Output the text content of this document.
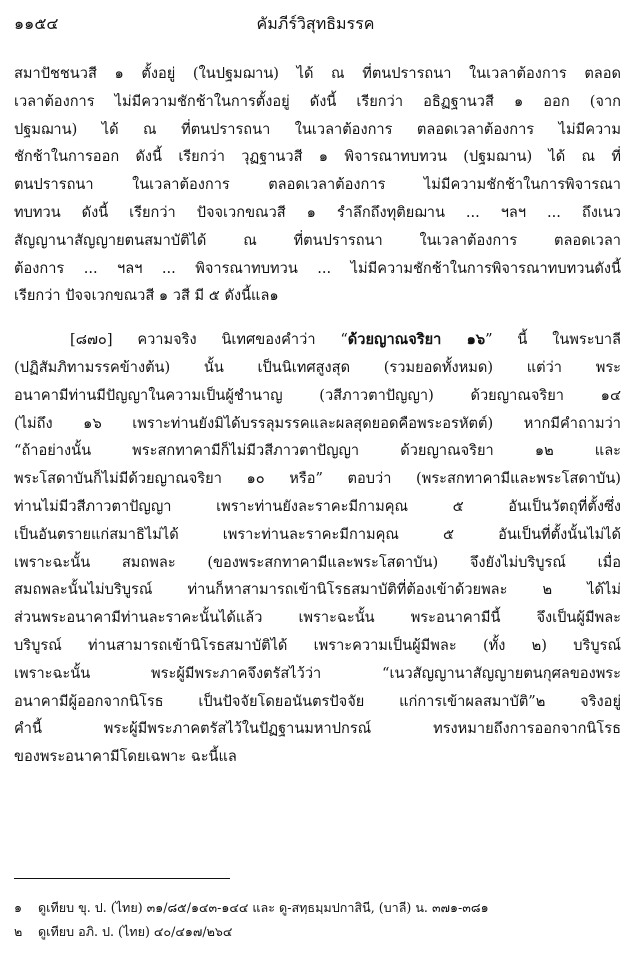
๑๑๕๔	คัมภีร์วิสุทธิมรรค
สมาปัชชนวสี ๑ ตั้งอยู่ (ในปฐมฌาน) ได้ ณ ที่ตนปรารถนา ในเวลาต้องการ ตลอด
เวลาต้องการ ไม่มีความชักช้าในการตั้งอยู่ ดังนี้ เรียกว่า อธิฏฐานวสี ๑ ออก (จาก
ปฐมฌาน) ได้ ณ ที่ตนปรารถนา ในเวลาต้องการ ตลอดเวลาต้องการ ไม่มีความ
ชักช้าในการออก ดังนี้ เรียกว่า วุฏฐานวสี ๑ พิจารณาทบทวน (ปฐมฌาน) ได้ ณ ที่
ตนปรารถนา ในเวลาต้องการ ตลอดเวลาต้องการ ไม่มีความชักช้าในการพิจารณา
ทบทวน ดังนี้ เรียกว่า ปัจจเวกขณวสี ๑ รำลึกถึงทุติยฌาน ... ฯลฯ ... ถึงเนว
สัญญานาสัญญายตนสมาบัติได้ ณ ที่ตนปรารถนา ในเวลาต้องการ ตลอดเวลา
ต้องการ ... ฯลฯ ... พิจารณาทบทวน ... ไม่มีความชักช้าในการพิจารณาทบทวนดังนี้
เรียกว่า ปัจจเวกขณวสี ๑ วสี มี ๕ ดังนี้แล๑
[๘๗๐] ความจริง นิเทศของคำว่า “ด้วยญาณจริยา ๑๖” นี้ ในพระบาลี
(ปฏิสัมภิทามรรคข้างต้น) นั้น เป็นนิเทศสูงสุด (รวมยอดทั้งหมด) แต่ว่า พระ
อนาคามีท่านมีปัญญาในความเป็นผู้ชำนาญ (วสีภาวตาปัญญา) ด้วยญาณจริยา ๑๔
(ไม่ถึง ๑๖ เพราะท่านยังมิได้บรรลุมรรคและผลสุดยอดคือพระอรหัตต์) หากมีคำถามว่า
“ถ้าอย่างนั้น พระสกทาคามีก็ไม่มีวสีภาวตาปัญญา ด้วยญาณจริยา ๑๒ และ
พระโสดาบันก็ไม่มีด้วยญาณจริยา ๑๐ หรือ” ตอบว่า (พระสกทาคามีและพระโสดาบัน)
ท่านไม่มีวสีภาวตาปัญญา เพราะท่านยังละราคะมีกามคุณ ๕ อันเป็นวัตถุที่ตั้งซึ่ง
เป็นอันตรายแก่สมาธิไม่ได้ เพราะท่านละราคะมีกามคุณ ๕ อันเป็นที่ตั้งนั้นไม่ได้
เพราะฉะนั้น สมถพละ (ของพระสกทาคามีและพระโสดาบัน) จึงยังไม่บริบูรณ์ เมื่อ
สมถพละนั้นไม่บริบูรณ์ ท่านก็หาสามารถเข้านิโรธสมาบัติที่ต้องเข้าด้วยพละ ๒ ได้ไม่
ส่วนพระอนาคามีท่านละราคะนั้นได้แล้ว เพราะฉะนั้น พระอนาคามีนี้ จึงเป็นผู้มีพละ
บริบูรณ์ ท่านสามารถเข้านิโรธสมาบัติได้ เพราะความเป็นผู้มีพละ (ทั้ง ๒) บริบูรณ์
เพราะฉะนั้น พระผู้มีพระภาคจึงตรัสไว้ว่า “เนวสัญญานาสัญญายตนกุศลของพระ
อนาคามีผู้ออกจากนิโรธ เป็นปัจจัยโดยอนันตรปัจจัย แก่การเข้าผลสมาบัติ”๒ จริงอยู่
คำนี้ พระผู้มีพระภาคตรัสไว้ในปัฏฐานมหาปกรณ์ ทรงหมายถึงการออกจากนิโรธ
ของพระอนาคามีโดยเฉพาะ ฉะนี้แล
๑ ดูเทียบ ขุ. ป. (ไทย) ๓๑/๘๕/๑๔๓-๑๔๔ และ ดู-สทฺธมฺมปกาสินี, (บาลี) น. ๓๗๑-๓๘๑
๒ ดูเทียบ อภิ. ป. (ไทย) ๔๐/๔๑๗/๒๖๔
